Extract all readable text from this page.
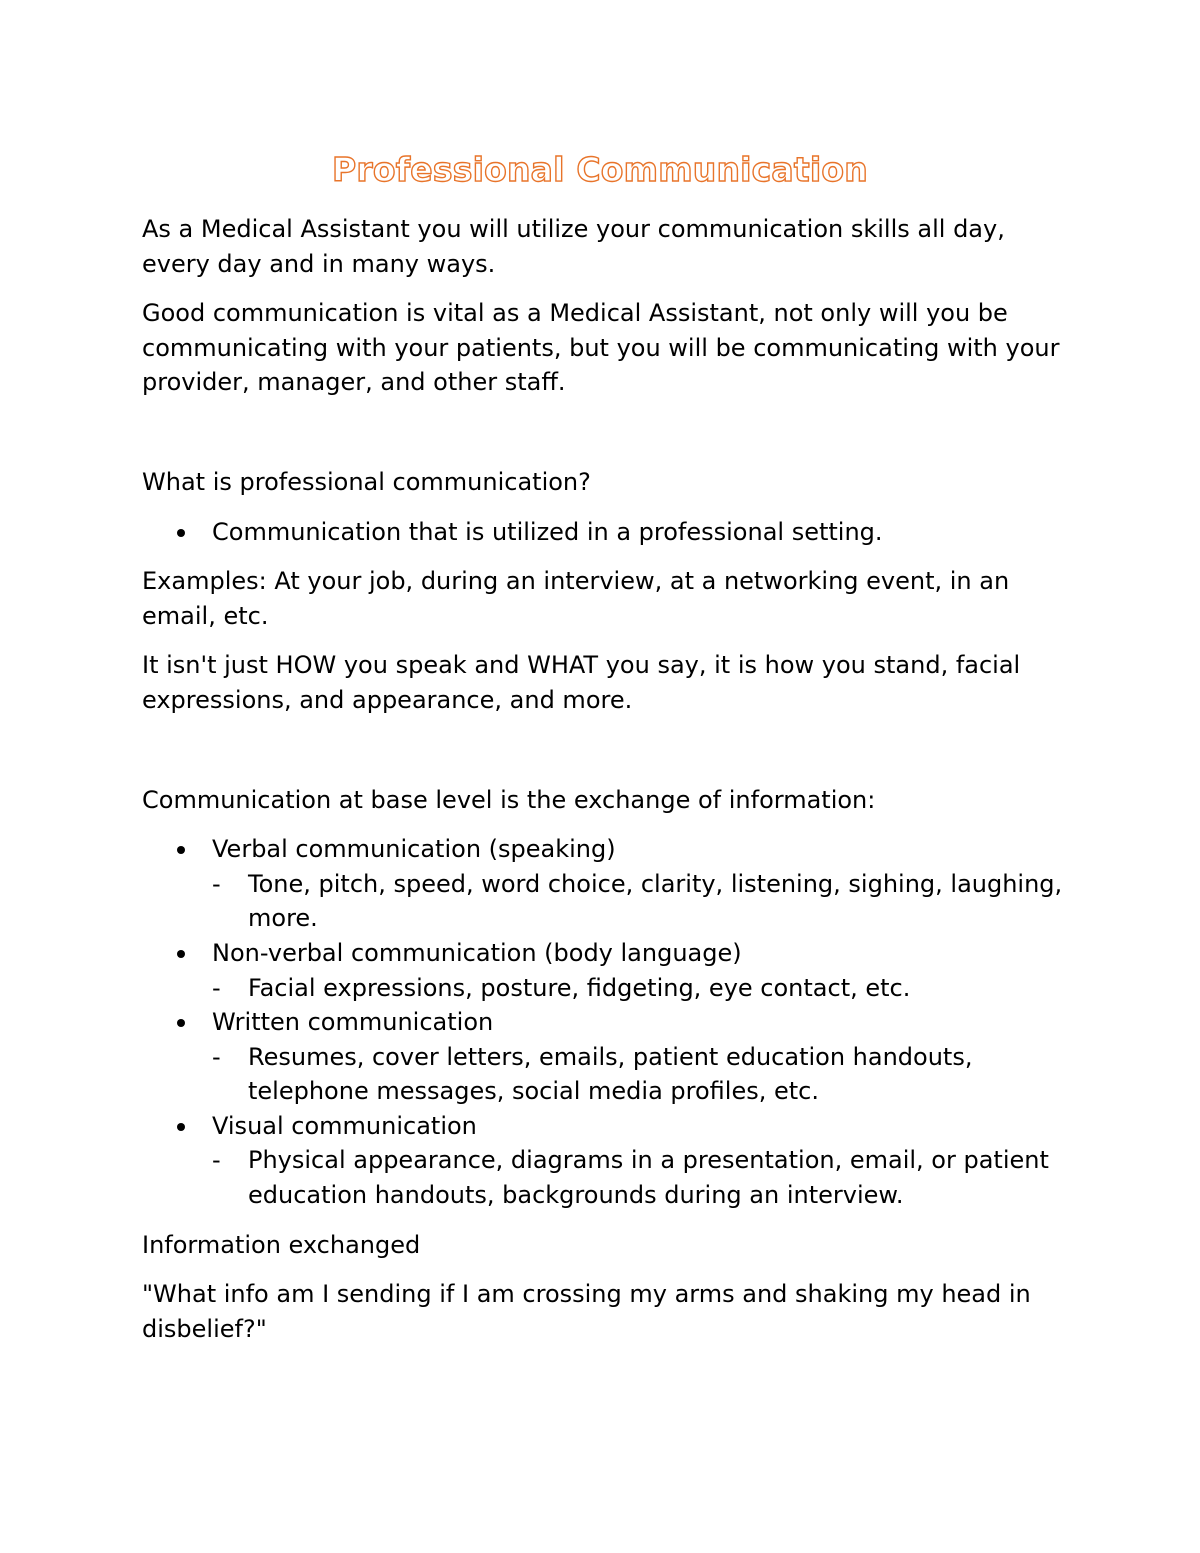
Professional Communication
As a Medical Assistant you will utilize your communication skills all day, every day and in many ways.
Good communication is vital as a Medical Assistant, not only will you be communicating with your patients, but you will be communicating with your provider, manager, and other staff.
What is professional communication?
Communication that is utilized in a professional setting.
Examples: At your job, during an interview, at a networking event, in an email, etc.
It isn't just HOW you speak and WHAT you say, it is how you stand, facial expressions, and appearance, and more.
Communication at base level is the exchange of information:
Verbal communication (speaking)
- Tone, pitch, speed, word choice, clarity, listening, sighing, laughing, more.
Non-verbal communication (body language)
- Facial expressions, posture, fidgeting, eye contact, etc.
Written communication
- Resumes, cover letters, emails, patient education handouts, telephone messages, social media profiles, etc.
Visual communication
- Physical appearance, diagrams in a presentation, email, or patient education handouts, backgrounds during an interview.
Information exchanged
"What info am I sending if I am crossing my arms and shaking my head in disbelief?"
